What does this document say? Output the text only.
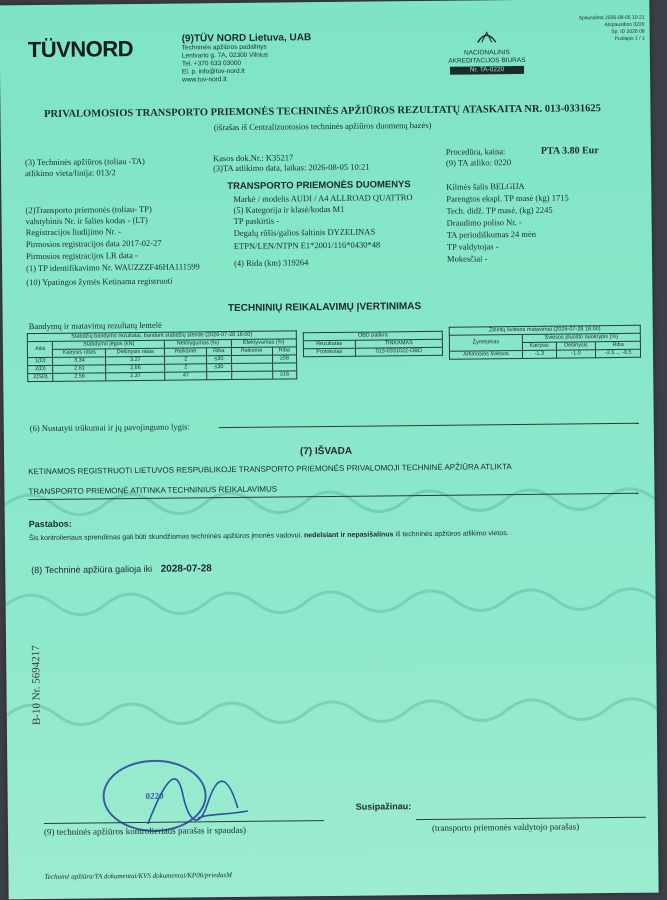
TÜVNORD	(9)TÜV NORD Lietuva, UAB
Techninės apžiūros padalinys
Lentvario g. 7A, 02300 Vilnius
Tel. +370 633 03000
El. p. info@tuv-nord.lt
www.tuv-nord.lt
NACIONALINIS
AKREDITACIJOS BIURAS
Nr. TA-0220
Spausdinta 2026-08-05 10:21
Atspausdino 0220
Sp. ID 2026 08
Puslapis 1 / 1
PRIVALOMOSIOS TRANSPORTO PRIEMONĖS TECHNINĖS APŽIŪROS REZULTATŲ ATASKAITA NR. 013-0331625
(išrašas iš Centralizuotosios techninės apžiūros duomenų bazės)
(3) Techninės apžiūros (toliau -TA)
atlikimo vieta/linija: 013/2
Kasos dok.Nr.: K35217
(3)TA atlikimo data, laikas: 2026-08-05 10:21
Procedūra, kaina:	PTA 3.80 Eur
(9) TA atliko: 0220
TRANSPORTO PRIEMONĖS DUOMENYS
Markė / modelis AUDI / A4 ALLROAD QUATTRO
(5) Kategorija ir klasė/kodas M1
TP paskirtis -
Degalų rūšis/galios šaltinis DYZELINAS
ETPN/LEN/NTPN E1*2001/116*0430*48
(4) Rida (km) 319264
(2)Transporto priemonės (toliau- TP)
valstybinis Nr. ir šalies kodas - (LT)
Registracijos liudijimo Nr. -
Pirmosios registracijos data 2017-02-27
Pirmosios registracijos LR data -
(1) TP identifikavimo Nr. WAUZZZF46HA111599
(10) Ypatingos žymės Ketinama registruoti
Kilmės šalis BELGIJA
Parengtos ekspl. TP masė (kg) 1715
Tech. didž. TP masė, (kg) 2245
Draudimo poliso Nr. -
TA periodiškumas 24 mėn
TP valdytojas -
Mokesčiai -
TECHNINIŲ REIKALAVIMŲ ĮVERTINIMAS
Bandymų ir matavimų rezultatų lentelė
Stabdžių bandymo rezultatai, bandant stabdžių stende (2026-07-28 16:00)						
Ašis	Stabdymo jėgos (kN)		Netolygumas (%)		Efektyvumas (%)	
	Kairysis ratas	Dešinysis ratas	Reikšmė	Riba	Reikšmė	Riba
1(D)	3.34	3.27	2	≤30		≥58
2(D)	2.61	2.66	2	≤30		
2(SD)	2.56	2.37	47			≥16
OBD patikra	
Rezultatas	TINKAMAS
Protokolas	013-0331022-OBD
Žibintų šviesos matavimai (2026-07-28 16:00)			
Žymėjimas	Šviesos pluošto nuokrypis (%)		
	Kairysis	Dešinysis	Riba
Artimosios šviesos	-1.3	-1.0	-2.5 ... -0.5
(6) Nustatyti trūkumai ir jų pavojingumo lygis:
(7) IŠVADA
KETINAMOS REGISTRUOTI LIETUVOS RESPUBLIKOJE TRANSPORTO PRIEMONĖS PRIVALOMOJI TECHNINĖ APŽIŪRA ATLIKTA
TRANSPORTO PRIEMONĖ ATITINKA TECHNINIUS REIKALAVIMUS
Pastabos:
Šis kontrolieriaus sprendimas gali būti skundžiamas techninės apžiūros įmonės vadovui, nedelsiant ir nepasišalinus iš techninės apžiūros atlikimo vietos.
(8) Techninė apžiūra galioja iki 2028-07-28
B-10 Nr. 5694217
0220
Susipažinau:
(9) techninės apžiūros kontrolieriaus parašas ir spaudas)	(transporto priemonės valdytojo parašas)
Techninė apžiūra/TA dokumentai/KVS dokumentai/KP06/priedasM
